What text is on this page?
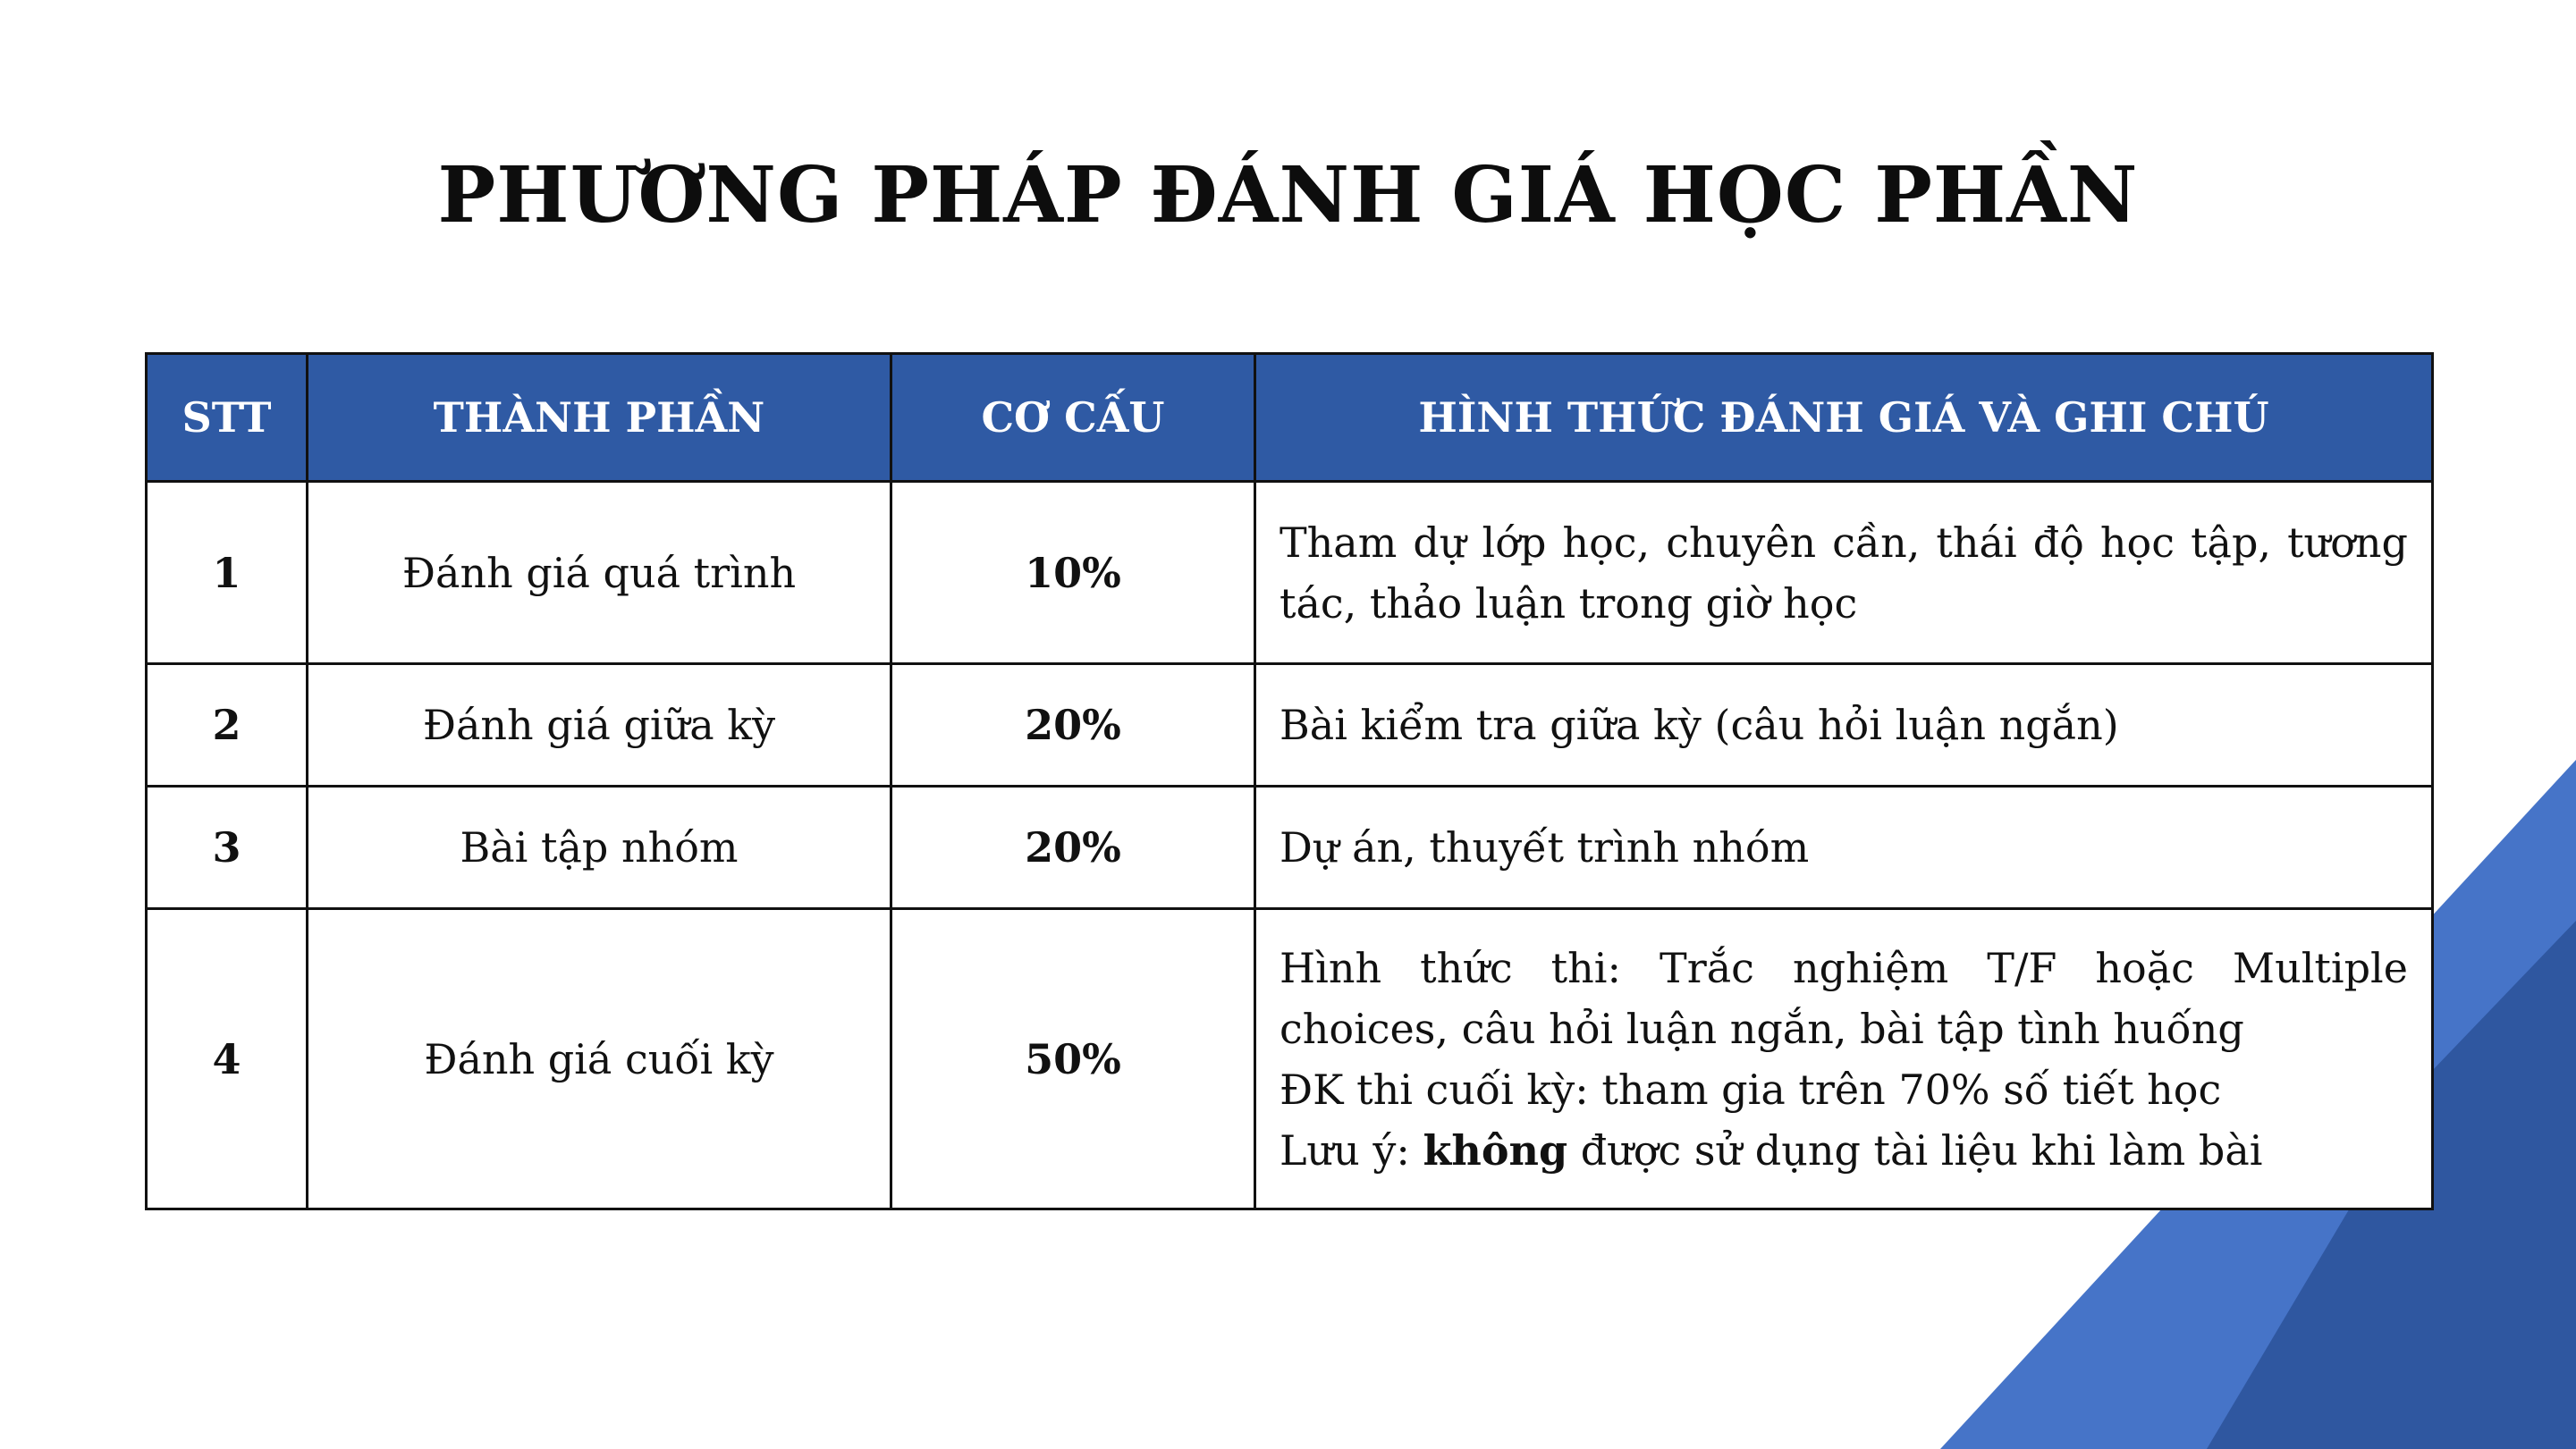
PHƯƠNG PHÁP ĐÁNH GIÁ HỌC PHẦN
STT	THÀNH PHẦN	CƠ CẤU	HÌNH THỨC ĐÁNH GIÁ VÀ GHI CHÚ
1	Đánh giá quá trình	10%	Tham dự lớp học, chuyên cần, thái độ học tập, tương tác, thảo luận trong giờ học
2	Đánh giá giữa kỳ	20%	Bài kiểm tra giữa kỳ (câu hỏi luận ngắn)
3	Bài tập nhóm	20%	Dự án, thuyết trình nhóm
4	Đánh giá cuối kỳ	50%	Hình thức thi: Trắc nghiệm T/F hoặc Multiple choices, câu hỏi luận ngắn, bài tập tình huống
ĐK thi cuối kỳ: tham gia trên 70% số tiết học
Lưu ý: không được sử dụng tài liệu khi làm bài
